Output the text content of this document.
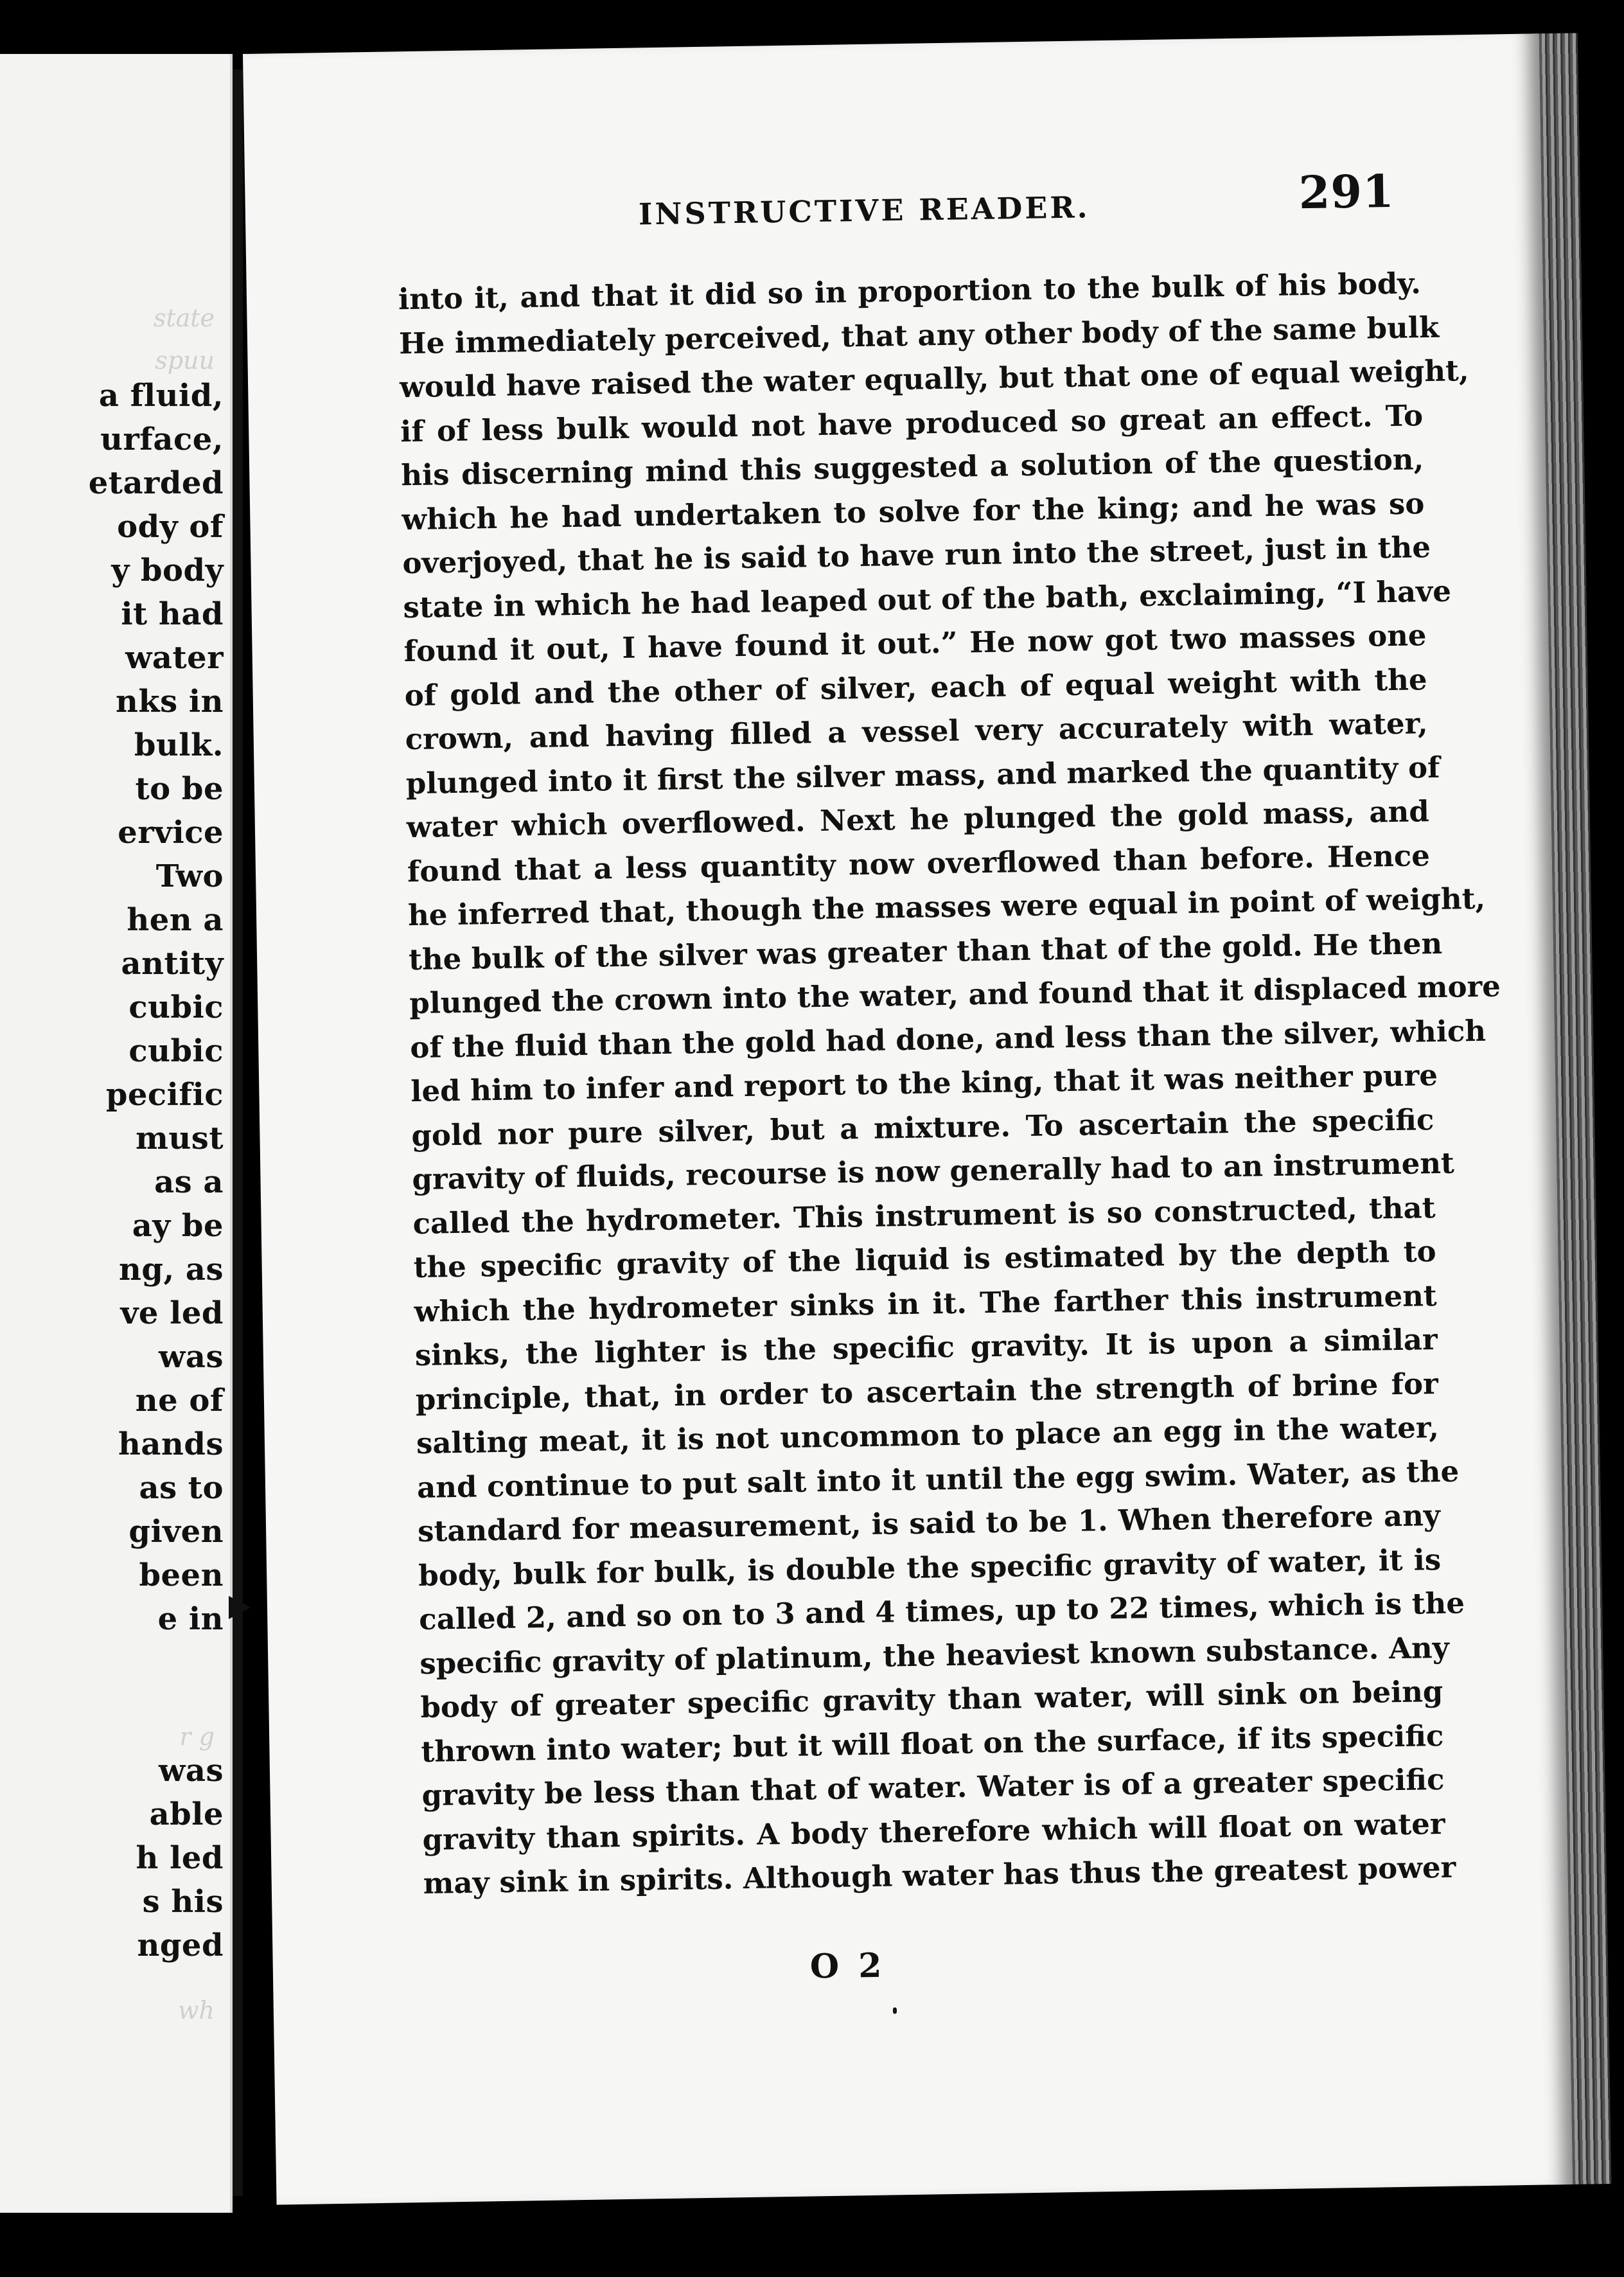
state
spuu

a fluid,

urface,

etarded

ody of

y body

it had

water

nks in

bulk.

to be

ervice

Two

hen a

antity

cubic

cubic

pecific

must

as a

ay be

ng, as

ve led

was

ne of

hands

as to

given

been

e in

was

able

h led

s his

nged

r g
wh

INSTRUCTIVE READER.	291

into it, and that it did so in proportion to the bulk of his body.
He immediately perceived, that any other body of the same bulk
would have raised the water equally, but that one of equal weight,
if of less bulk would not have produced so great an effect. To
his discerning mind this suggested a solution of the question,
which he had undertaken to solve for the king; and he was so
overjoyed, that he is said to have run into the street, just in the
state in which he had leaped out of the bath, exclaiming, “I have
found it out, I have found it out.” He now got two masses one
of gold and the other of silver, each of equal weight with the
crown, and having filled a vessel very accurately with water,
plunged into it first the silver mass, and marked the quantity of
water which overflowed. Next he plunged the gold mass, and
found that a less quantity now overflowed than before. Hence
he inferred that, though the masses were equal in point of weight,
the bulk of the silver was greater than that of the gold. He then
plunged the crown into the water, and found that it displaced more
of the fluid than the gold had done, and less than the silver, which
led him to infer and report to the king, that it was neither pure
gold nor pure silver, but a mixture. To ascertain the specific
gravity of fluids, recourse is now generally had to an instrument
called the hydrometer. This instrument is so constructed, that
the specific gravity of the liquid is estimated by the depth to
which the hydrometer sinks in it. The farther this instrument
sinks, the lighter is the specific gravity. It is upon a similar
principle, that, in order to ascertain the strength of brine for
salting meat, it is not uncommon to place an egg in the water,
and continue to put salt into it until the egg swim. Water, as the
standard for measurement, is said to be 1. When therefore any
body, bulk for bulk, is double the specific gravity of water, it is
called 2, and so on to 3 and 4 times, up to 22 times, which is the
specific gravity of platinum, the heaviest known substance. Any
body of greater specific gravity than water, will sink on being
thrown into water; but it will float on the surface, if its specific
gravity be less than that of water. Water is of a greater specific
gravity than spirits. A body therefore which will float on water
may sink in spirits. Although water has thus the greatest power

O 2
